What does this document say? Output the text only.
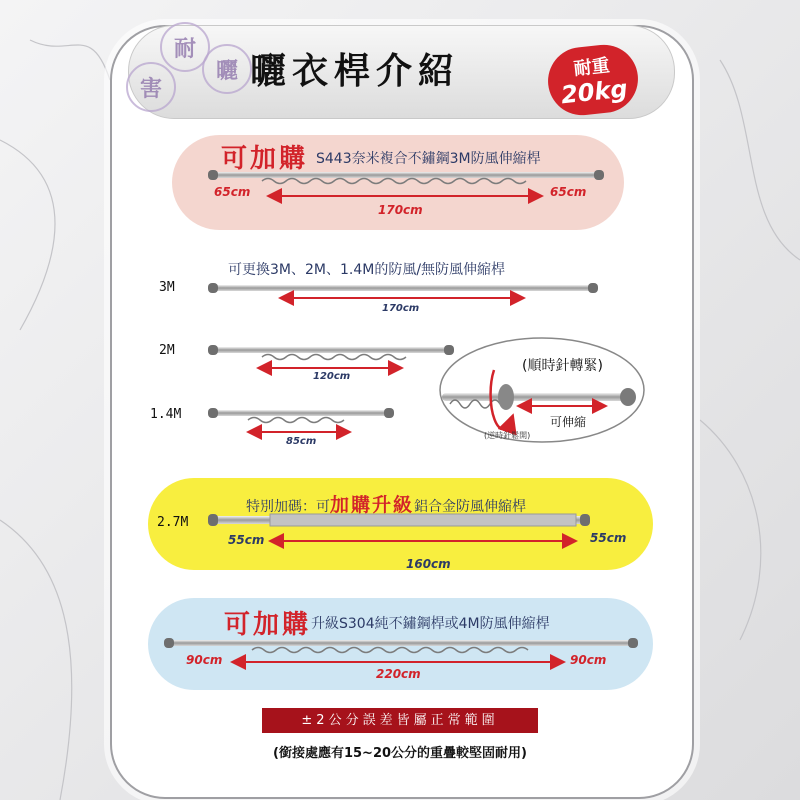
害
耐
曬 曬衣桿介紹	耐重
20kg
可加購 S443奈米複合不鏽鋼3M防風伸縮桿
65cm
170cm
65cm
可更換3M、2M、1.4M的防風/無防風伸縮桿
3M
170cm
2M
120cm
1.4M
85cm
(順時針轉緊)
可伸縮
(逆時針鬆開)
特別加碼：可加購升級鋁合金防風伸縮桿
2.7M
55cm
160cm
55cm
可加購 升級S304純不鏽鋼桿或4M防風伸縮桿
90cm
220cm
90cm
±2公分誤差皆屬正常範圍
(銜接處應有15~20公分的重疊較堅固耐用)
